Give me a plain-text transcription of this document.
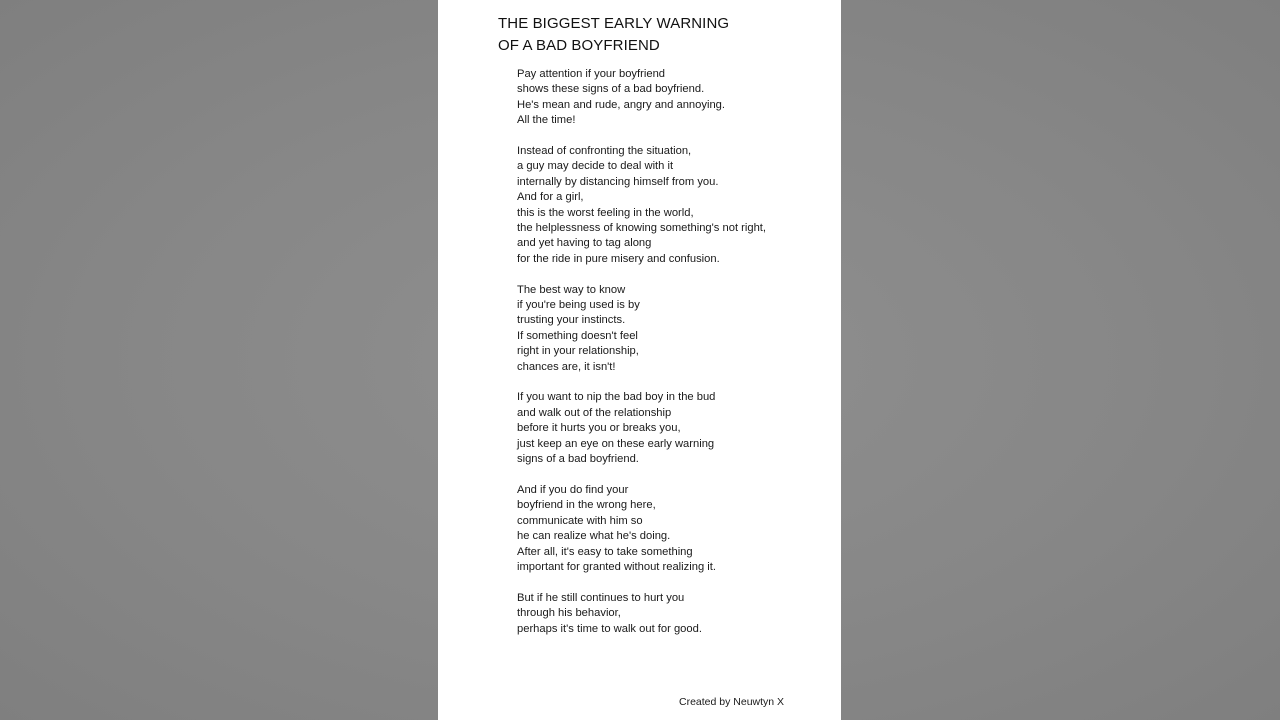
THE BIGGEST EARLY WARNING
OF A BAD BOYFRIEND
Pay attention if your boyfriend
shows these signs of a bad boyfriend.
He's mean and rude, angry and annoying.
All the time!
Instead of confronting the situation,
a guy may decide to deal with it
internally by distancing himself from you.
And for a girl,
this is the worst feeling in the world,
the helplessness of knowing something's not right,
and yet having to tag along
for the ride in pure misery and confusion.
The best way to know
if you're being used is by
trusting your instincts.
If something doesn't feel
right in your relationship,
chances are, it isn't!
If you want to nip the bad boy in the bud
and walk out of the relationship
before it hurts you or breaks you,
just keep an eye on these early warning
signs of a bad boyfriend.
And if you do find your
boyfriend in the wrong here,
communicate with him so
he can realize what he's doing.
After all, it's easy to take something
important for granted without realizing it.
But if he still continues to hurt you
through his behavior,
perhaps it's time to walk out for good.
Created by Neuwtyn X
